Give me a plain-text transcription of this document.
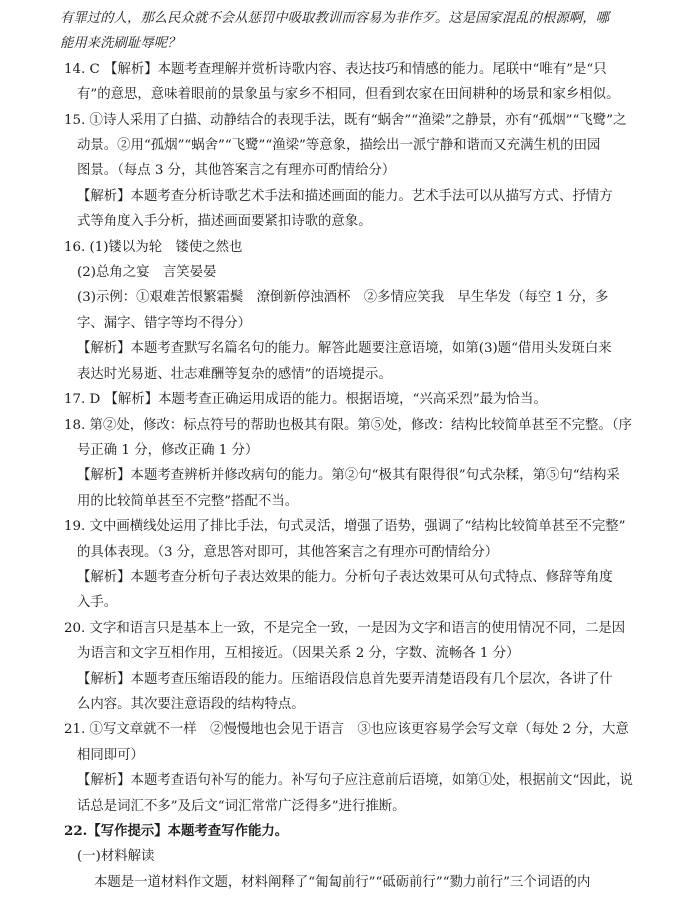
有罪过的人，那么民众就不会从惩罚中吸取教训而容易为非作歹。这是国家混乱的根源啊，哪
能用来洗刷耻辱呢？
14. C 【解析】本题考查理解并赏析诗歌内容、表达技巧和情感的能力。尾联中“唯有”是“只
有”的意思，意味着眼前的景象虽与家乡不相同，但看到农家在田间耕种的场景和家乡相似。
15. ①诗人采用了白描、动静结合的表现手法，既有“蜗舍”“渔梁”之静景，亦有“孤烟”“飞鹭”之
动景。②用“孤烟”“蜗舍”“飞鹭”“渔梁”等意象，描绘出一派宁静和谐而又充满生机的田园
图景。（每点 3 分，其他答案言之有理亦可酌情给分）
【解析】本题考查分析诗歌艺术手法和描述画面的能力。艺术手法可以从描写方式、抒情方
式等角度入手分析，描述画面要紧扣诗歌的意象。
16. (1)镂以为轮　镂使之然也
(2)总角之宴　言笑晏晏
(3)示例：①艰难苦恨繁霜鬓　潦倒新停浊酒杯　②多情应笑我　早生华发（每空 1 分，多
字、漏字、错字等均不得分）
【解析】本题考查默写名篇名句的能力。解答此题要注意语境，如第(3)题“借用头发斑白来
表达时光易逝、壮志难酬等复杂的感情”的语境提示。
17. D 【解析】本题考查正确运用成语的能力。根据语境，“兴高采烈”最为恰当。
18. 第②处，修改：标点符号的帮助也极其有限。第⑤处，修改：结构比较简单甚至不完整。（序
号正确 1 分，修改正确 1 分）
【解析】本题考查辨析并修改病句的能力。第②句“极其有限得很”句式杂糅，第⑤句“结构采
用的比较简单甚至不完整”搭配不当。
19. 文中画横线处运用了排比手法，句式灵活，增强了语势，强调了“结构比较简单甚至不完整”
的具体表现。（3 分，意思答对即可，其他答案言之有理亦可酌情给分）
【解析】本题考查分析句子表达效果的能力。分析句子表达效果可从句式特点、修辞等角度
入手。
20. 文字和语言只是基本上一致，不是完全一致，一是因为文字和语言的使用情况不同，二是因
为语言和文字互相作用，互相接近。（因果关系 2 分，字数、流畅各 1 分）
【解析】本题考查压缩语段的能力。压缩语段信息首先要弄清楚语段有几个层次，各讲了什
么内容。其次要注意语段的结构特点。
21. ①写文章就不一样　②慢慢地也会见于语言　③也应该更容易学会写文章（每处 2 分，大意
相同即可）
【解析】本题考查语句补写的能力。补写句子应注意前后语境，如第①处，根据前文“因此，说
话总是词汇不多”及后文“词汇常常广泛得多”进行推断。
22.【写作提示】本题考查写作能力。
(一)材料解读
本题是一道材料作文题，材料阐释了“匍匐前行”“砥砺前行”“勠力前行”三个词语的内
